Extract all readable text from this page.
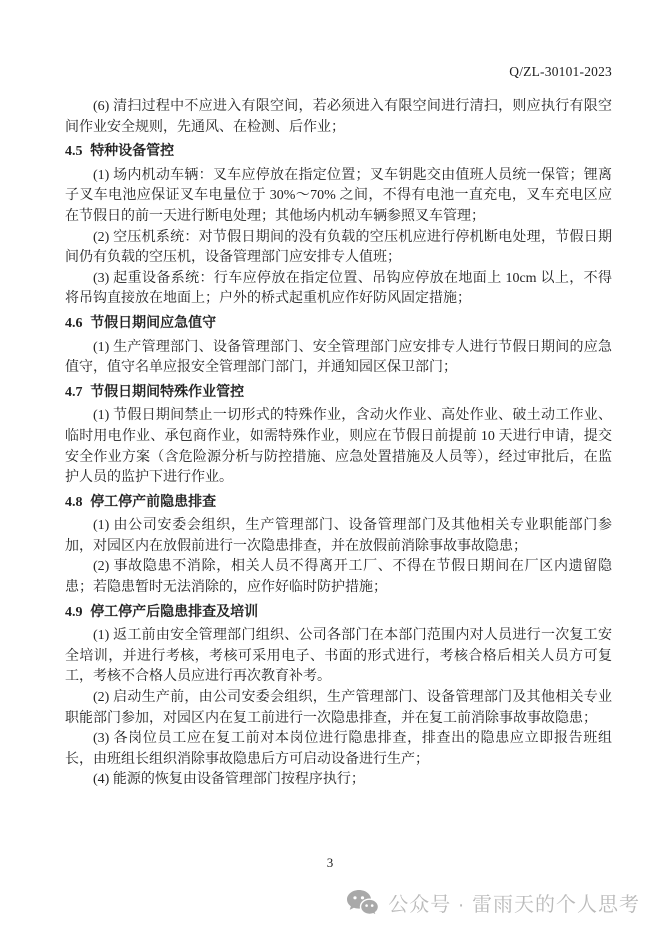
Q/ZL-30101-2023

(6) 清扫过程中不应进入有限空间，若必须进入有限空间进行清扫，则应执行有限空间作业安全规则，先通风、在检测、后作业；

4.5 特种设备管控

(1) 场内机动车辆：叉车应停放在指定位置；叉车钥匙交由值班人员统一保管；锂离子叉车电池应保证叉车电量位于 30%～70% 之间，不得有电池一直充电，叉车充电区应在节假日的前一天进行断电处理；其他场内机动车辆参照叉车管理；

(2) 空压机系统：对节假日期间的没有负载的空压机应进行停机断电处理，节假日期间仍有负载的空压机，设备管理部门应安排专人值班；

(3) 起重设备系统：行车应停放在指定位置、吊钩应停放在地面上 10cm 以上，不得将吊钩直接放在地面上；户外的桥式起重机应作好防风固定措施；

4.6 节假日期间应急值守

(1) 生产管理部门、设备管理部门、安全管理部门应安排专人进行节假日期间的应急值守，值守名单应报安全管理部门部门，并通知园区保卫部门；

4.7 节假日期间特殊作业管控

(1) 节假日期间禁止一切形式的特殊作业，含动火作业、高处作业、破土动工作业、临时用电作业、承包商作业，如需特殊作业，则应在节假日前提前 10 天进行申请，提交安全作业方案（含危险源分析与防控措施、应急处置措施及人员等），经过审批后，在监护人员的监护下进行作业。

4.8 停工停产前隐患排查

(1) 由公司安委会组织，生产管理部门、设备管理部门及其他相关专业职能部门参加，对园区内在放假前进行一次隐患排查，并在放假前消除事故事故隐患；

(2) 事故隐患不消除，相关人员不得离开工厂、不得在节假日期间在厂区内遗留隐患；若隐患暂时无法消除的，应作好临时防护措施；

4.9 停工停产后隐患排查及培训

(1) 返工前由安全管理部门组织、公司各部门在本部门范围内对人员进行一次复工安全培训，并进行考核，考核可采用电子、书面的形式进行，考核合格后相关人员方可复工，考核不合格人员应进行再次教育补考。

(2) 启动生产前，由公司安委会组织，生产管理部门、设备管理部门及其他相关专业职能部门参加，对园区内在复工前进行一次隐患排查，并在复工前消除事故事故隐患；

(3) 各岗位员工应在复工前对本岗位进行隐患排查，排查出的隐患应立即报告班组长，由班组长组织消除事故隐患后方可启动设备进行生产；

(4) 能源的恢复由设备管理部门按程序执行；

3
公众号 · 雷雨天的个人思考
